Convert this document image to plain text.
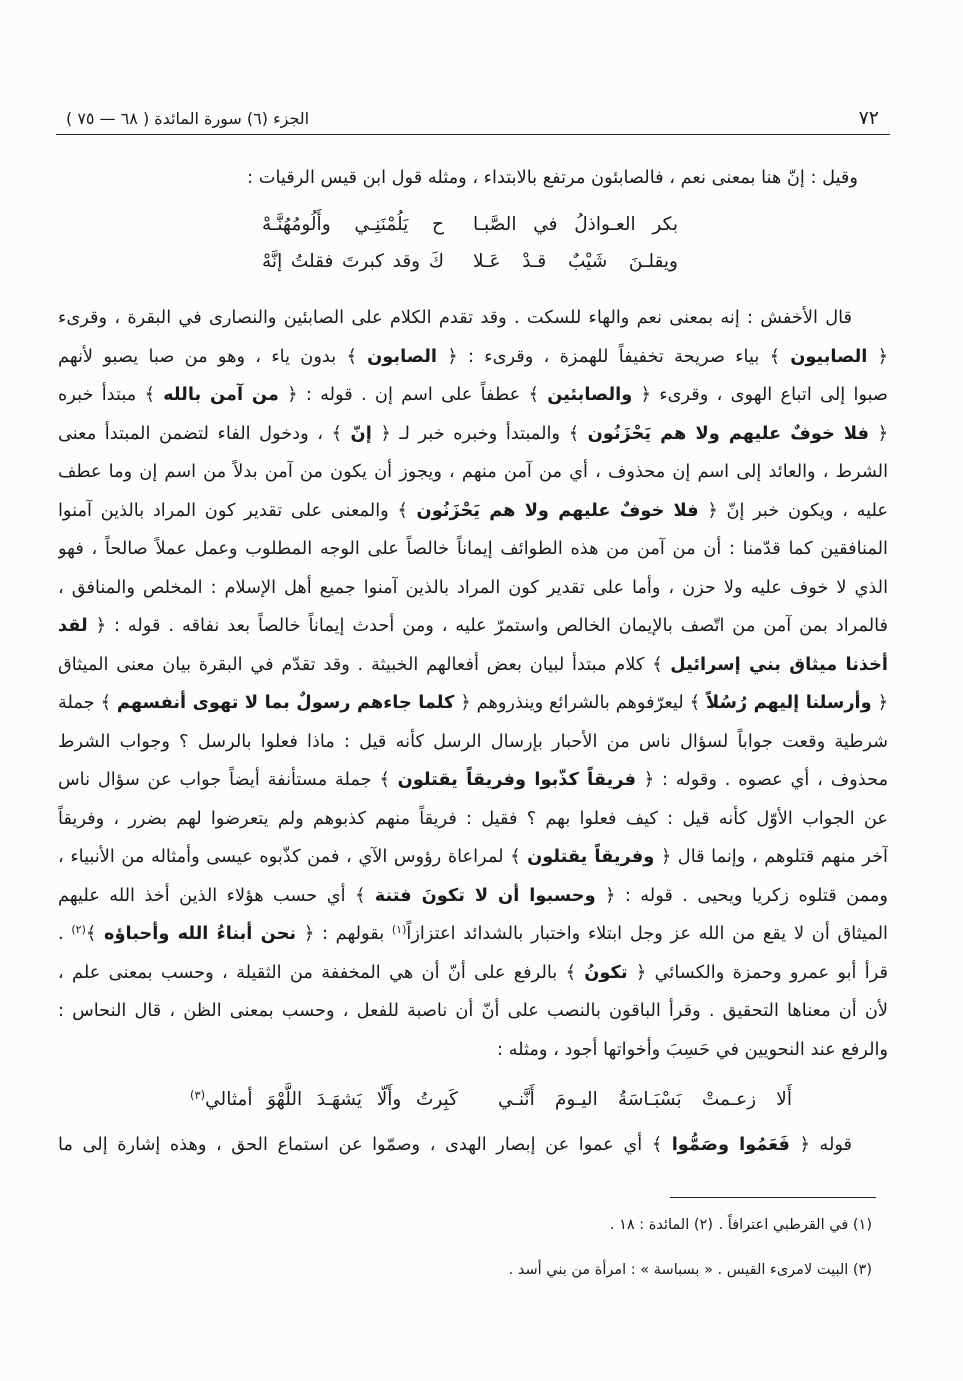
٧٢
الجزء (٦) سورة المائدة ( ٦٨ — ٧٥ )
وقيل : إنّ هنا بمعنى نعم ، فالصابئون مرتفع بالابتداء ، ومثله قول ابن قيس الرقيات :
بكر العـواذلُ في الصَّبـا
ح يَلُمْنَنِـي وأَلُومُهُنَّـهْ
ويقلـنَ شَيْبٌ قـدْ عَـلا
كَ وقد كبرتَ فقلتُ إنَّهْ
قال الأخفش : إنه بمعنى نعم والهاء للسكت . وقد تقدم الكلام على الصابئين والنصارى في البقرة ، وقرىء
﴿ الصابيون ﴾ بياء صريحة تخفيفاً للهمزة ، وقرىء : ﴿ الصابون ﴾ بدون ياء ، وهو من صبا يصبو لأنهم
صبوا إلى اتباع الهوى ، وقرىء ﴿ والصابئين ﴾ عطفاً على اسم إن . قوله : ﴿ من آمن بالله ﴾ مبتدأ خبره
﴿ فلا خوفٌ عليهم ولا هم يَحْزَنُون ﴾ والمبتدأ وخبره خبر لـ ﴿ إنّ ﴾ ، ودخول الفاء لتضمن المبتدأ معنى
الشرط ، والعائد إلى اسم إن محذوف ، أي من آمن منهم ، ويجوز أن يكون من آمن بدلاً من اسم إن وما عطف
عليه ، ويكون خبر إنّ ﴿ فلا خوفٌ عليهم ولا هم يَحْزَنُون ﴾ والمعنى على تقدير كون المراد بالذين آمنوا
المنافقين كما قدّمنا : أن من آمن من هذه الطوائف إيماناً خالصاً على الوجه المطلوب وعمل عملاً صالحاً ، فهو
الذي لا خوف عليه ولا حزن ، وأما على تقدير كون المراد بالذين آمنوا جميع أهل الإسلام : المخلص والمنافق ،
فالمراد بمن آمن من اتّصف بالإيمان الخالص واستمرّ عليه ، ومن أحدث إيماناً خالصاً بعد نفاقه . قوله : ﴿ لقد
أخذنا ميثاق بني إسرائيل ﴾ كلام مبتدأ لبيان بعض أفعالهم الخبيثة . وقد تقدّم في البقرة بيان معنى الميثاق
﴿ وأرسلنا إليهم رُسُلاً ﴾ ليعرّفوهم بالشرائع وينذروهم ﴿ كلما جاءهم رسولٌ بما لا تهوى أنفسهم ﴾ جملة
شرطية وقعت جواباً لسؤال ناس من الأحبار بإرسال الرسل كأنه قيل : ماذا فعلوا بالرسل ؟ وجواب الشرط
محذوف ، أي عصوه . وقوله : ﴿ فريقاً كذّبوا وفريقاً يقتلون ﴾ جملة مستأنفة أيضاً جواب عن سؤال ناس
عن الجواب الأوّل كأنه قيل : كيف فعلوا بهم ؟ فقيل : فريقاً منهم كذبوهم ولم يتعرضوا لهم بضرر ، وفريقاً
آخر منهم قتلوهم ، وإنما قال ﴿ وفريقاً يقتلون ﴾ لمراعاة رؤوس الآي ، فمن كذّبوه عيسى وأمثاله من الأنبياء ،
وممن قتلوه زكريا ويحيى . قوله : ﴿ وحسبوا أن لا تكونَ فتنة ﴾ أي حسب هؤلاء الذين أخذ الله عليهم
الميثاق أن لا يقع من الله عز وجل ابتلاء واختبار بالشدائد اعتزازاً$^{(١)}$ بقولهم : ﴿ نحن أبناءُ الله وأحباؤه ﴾$^{(٢)}$ .
قرأ أبو عمرو وحمزة والكسائي ﴿ تكونُ ﴾ بالرفع على أنّ أن هي المخففة من الثقيلة ، وحسب بمعنى علم ،
لأن أن معناها التحقيق . وقرأ الباقون بالنصب على أنّ أن ناصبة للفعل ، وحسب بمعنى الظن ، قال النحاس :
والرفع عند النحويين في حَسِبَ وأخواتها أجود ، ومثله :
أَلا زعـمتْ بَسْبَـاسَةُ اليـومَ أَنَّنـي
كَبِرتُ وأَلّا يَشهَـدَ اللَّهْوَ أمثالي$^{(٣)}$
قوله ﴿ فَعَمُوا وصَمُّوا ﴾ أي عموا عن إبصار الهدى ، وصمّوا عن استماع الحق ، وهذه إشارة إلى ما
(١) في القرطبي اعترافاً .
(٢) المائدة : ١٨ .
(٣) البيت لامرىء القيس . « بسباسة » : امرأة من بني أسد .
